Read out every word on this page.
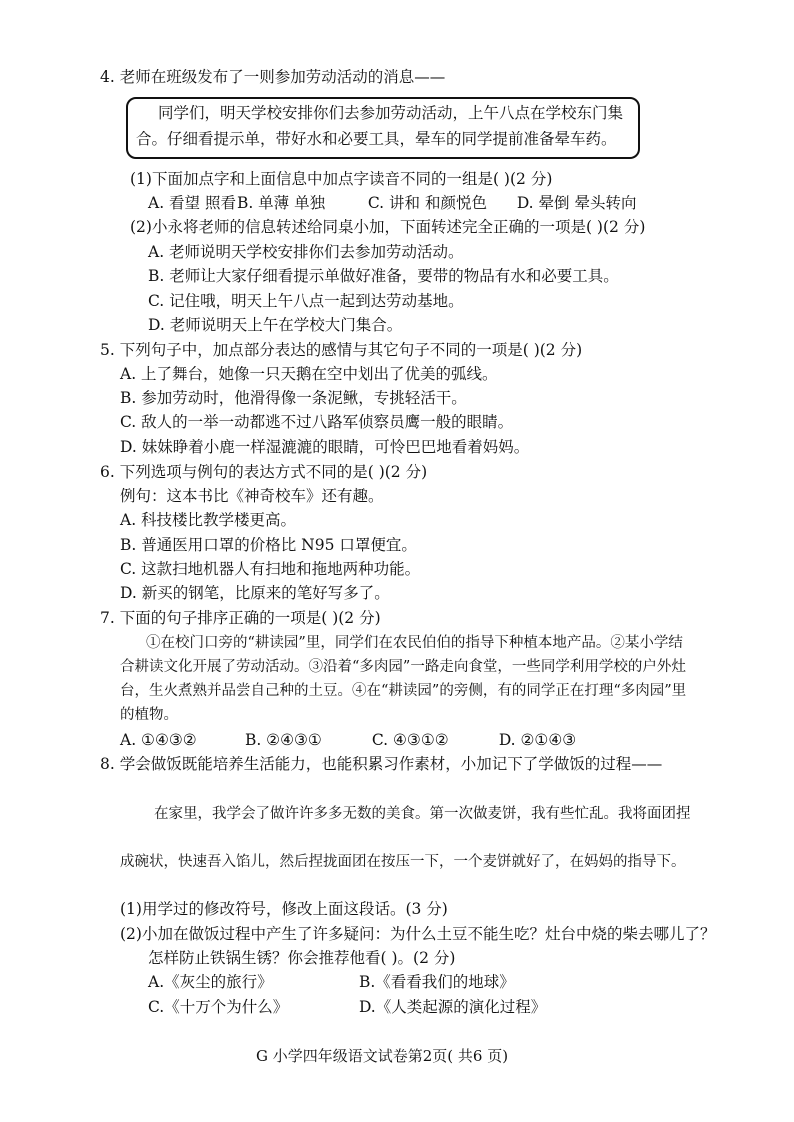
4. 老师在班级发布了一则参加劳动活动的消息——
同学们，明天学校安排你们去参加劳动活动，上午八点在学校东门集
合。仔细看提示单，带好水和必要工具，晕车的同学提前准备晕车药。
(1)下面加点字和上面信息中加点字读音不同的一组是( )(2 分)
A. 看望 照看 B. 单薄 单独	C. 讲和 和颜悦色 D. 晕倒 晕头转向
(2)小永将老师的信息转述给同桌小加，下面转述完全正确的一项是( )(2 分)
A. 老师说明天学校安排你们去参加劳动活动。
B. 老师让大家仔细看提示单做好准备，要带的物品有水和必要工具。
C. 记住哦，明天上午八点一起到达劳动基地。
D. 老师说明天上午在学校大门集合。
5. 下列句子中，加点部分表达的感情与其它句子不同的一项是( )(2 分)
A. 上了舞台，她像一只天鹅在空中划出了优美的弧线。
B. 参加劳动时，他滑得像一条泥鳅，专挑轻活干。
C. 敌人的一举一动都逃不过八路军侦察员鹰一般的眼睛。
D. 妹妹睁着小鹿一样湿漉漉的眼睛，可怜巴巴地看着妈妈。
6. 下列选项与例句的表达方式不同的是( )(2 分)
例句：这本书比《神奇校车》还有趣。
A. 科技楼比教学楼更高。
B. 普通医用口罩的价格比 N95 口罩便宜。
C. 这款扫地机器人有扫地和拖地两种功能。
D. 新买的钢笔，比原来的笔好写多了。
7. 下面的句子排序正确的一项是( )(2 分)
①在校门口旁的“耕读园”里，同学们在农民伯伯的指导下种植本地产品。②某小学结
合耕读文化开展了劳动活动。③沿着“多肉园”一路走向食堂，一些同学利用学校的户外灶
台，生火煮熟并品尝自己种的土豆。④在“耕读园”的旁侧，有的同学正在打理“多肉园”里
的植物。
A. ①④③②	B. ②④③①	C. ④③①②	D. ②①④③
8. 学会做饭既能培养生活能力，也能积累习作素材，小加记下了学做饭的过程——
在家里，我学会了做许许多多无数的美食。第一次做麦饼，我有些忙乱。我将面团捏
成碗状，快速吾入馅儿，然后捏拢面团在按压一下，一个麦饼就好了，在妈妈的指导下。
(1)用学过的修改符号，修改上面这段话。(3 分)
(2)小加在做饭过程中产生了许多疑问：为什么土豆不能生吃？灶台中烧的柴去哪儿了？
怎样防止铁锅生锈？你会推荐他看( )。(2 分)
A.《灰尘的旅行》	B.《看看我们的地球》
C.《十万个为什么》	D.《人类起源的演化过程》
G 小学四年级语文试卷第2页( 共6 页)
